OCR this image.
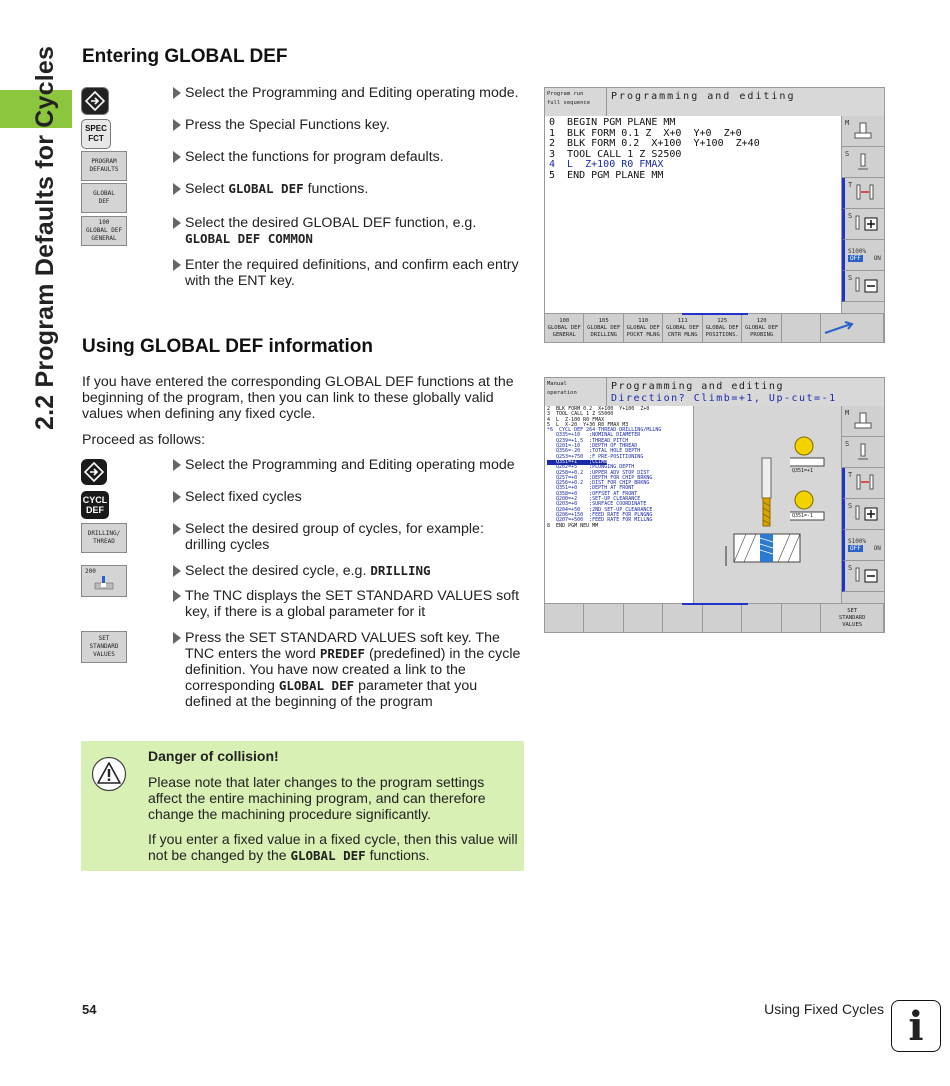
2.2 Program Defaults for Cycles Entering GLOBAL DEF
SPEC
FCT
PROGRAM
DEFAULTS
GLOBAL
DEF
100
GLOBAL DEF
GENERAL
Select the Programming and Editing operating mode.
Press the Special Functions key.
Select the functions for program defaults.
Select GLOBAL DEF functions.
Select the desired GLOBAL DEF function, e.g. GLOBAL DEF COMMON
Enter the required definitions, and confirm each entry with the ENT key.
Program run
full sequence
Programming and editing
0  BEGIN PGM PLANE MM
1  BLK FORM 0.1 Z  X+0  Y+0  Z+0
2  BLK FORM 0.2  X+100  Y+100  Z+40
3  TOOL CALL 1 Z S2500
4  L  Z+100 R0 FMAX
5  END PGM PLANE MM
M
S
T
S
S100%
OFF ON
S
100
GLOBAL DEF
GENERAL
105
GLOBAL DEF
DRILLING
110
GLOBAL DEF
POCKT MLNG
111
GLOBAL DEF
CNTR MLNG
125
GLOBAL DEF
POSITIONS.
120
GLOBAL DEF
PROBING
Using GLOBAL DEF information
If you have entered the corresponding GLOBAL DEF functions at the beginning of the program, then you can link to these globally valid values when defining any fixed cycle.
Proceed as follows:
CYCL
DEF
DRILLING/
THREAD
200
SET
STANDARD
VALUES
Select the Programming and Editing operating mode
Select fixed cycles
Select the desired group of cycles, for example: drilling cycles
Select the desired cycle, e.g. DRILLING
The TNC displays the SET STANDARD VALUES soft key, if there is a global parameter for it
Press the SET STANDARD VALUES soft key. The TNC enters the word PREDEF (predefined) in the cycle definition. You have now created a link to the corresponding GLOBAL DEF parameter that you defined at the beginning of the program
Manual
operation
Programming and editing
Direction? Climb=+1, Up-cut=-1
2  BLK FORM 0.2  X+100  Y+100  Z+0
3  TOOL CALL 1 Z S5000
4  L  Z-100 R0 FMAX
5  L  X-20  Y+30 R0 FMAX M3
*6  CYCL DEF 264 THREAD DRILLING/MLLNG
Q335=+10   ;NOMINAL DIAMETER
Q239=+1.5  ;THREAD PITCH
Q201=-10   ;DEPTH OF THREAD
Q356=-20   ;TOTAL HOLE DEPTH
Q253=+750  ;F PRE-POSITIONING
Q351=+1    ;CLIMB OR UP-CUT
Q202=+5    ;PLUNGING DEPTH
Q258=+0.2  ;UPPER ADV STOP DIST
Q257=+0    ;DEPTH FOR CHIP BRKNG
Q256=+0.2  ;DIST FOR CHIP BRKNG
Q351=+0    ;DEPTH AT FRONT
Q358=+0    ;OFFSET AT FRONT
Q200=+2    ;SET-UP CLEARANCE
Q203=+0    ;SURFACE COORDINATE
Q204=+50   ;2ND SET-UP CLEARANCE
Q206=+150  ;FEED RATE FOR PLNGNG
Q207=+500  ;FEED RATE FOR MILLNG
8  END PGM NEU MM
Q351=+1
Q351=-1
M
S
T
S
S100%
OFF ON
S
SET
STANDARD
VALUES
Danger of collision!
Please note that later changes to the program settings affect the entire machining program, and can therefore change the machining procedure significantly.
If you enter a fixed value in a fixed cycle, then this value will not be changed by the GLOBAL DEF functions.
54	Using Fixed Cycles i
